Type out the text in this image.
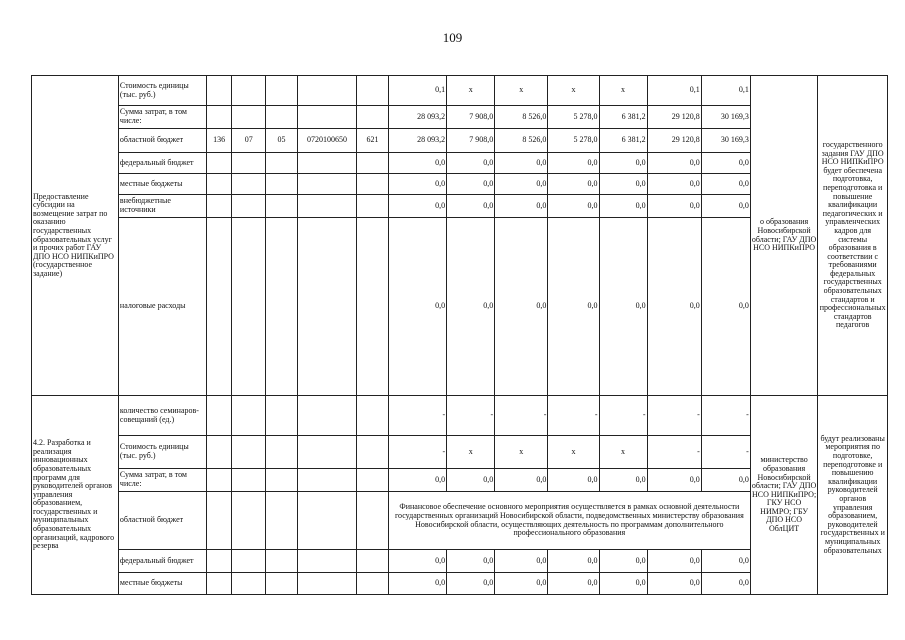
109
Предоставление субсидии на возмещение затрат по оказанию государственных образовательных услуг и прочих работ ГАУ ДПО НСО НИПКиПРО (государственное задание)	Стоимость единицы (тыс. руб.)						0,1	x	x	x	x	0,1	0,1	о образования Новосибирской области; ГАУ ДПО НСО НИПКиПРО	государственного задания ГАУ ДПО НСО НИПКиПРО будет обеспечена подготовка, переподготовка и повышение квалификации педагогических и управленческих кадров для системы образования в соответствии с требованиями федеральных государственных образовательных стандартов и профессиональных стандартов педагогов
	Сумма затрат, в том числе:						28 093,2	7 908,0	8 526,0	5 278,0	6 381,2	29 120,8	30 169,3		
	областной бюджет	136	07	05	0720100650	621	28 093,2	7 908,0	8 526,0	5 278,0	6 381,2	29 120,8	30 169,3		
	федеральный бюджет						0,0	0,0	0,0	0,0	0,0	0,0	0,0		
	местные бюджеты						0,0	0,0	0,0	0,0	0,0	0,0	0,0		
	внебюджетные источники						0,0	0,0	0,0	0,0	0,0	0,0	0,0		
	налоговые расходы						0,0	0,0	0,0	0,0	0,0	0,0	0,0		
4.2. Разработка и реализация инновационных образовательных программ для руководителей органов управления образованием, государственных и муниципальных образовательных организаций, кадрового резерва	количество семинаров-совещаний (ед.)						-	-	-	-	-	-	-	министерство образования Новосибирской области; ГАУ ДПО НСО НИПКиПРО; ГКУ НСО НИМРО; ГБУ ДПО НСО ОблЦИТ	будут реализованы мероприятия по подготовке, переподготовке и повышению квалификации руководителей органов управления образованием, руководителей государственных и муниципальных образовательных
	Стоимость единицы (тыс. руб.)						-	x	x	x	x	-	-		
	Сумма затрат, в том числе:						0,0	0,0	0,0	0,0	0,0	0,0	0,0		
	областной бюджет						Финансовое обеспечение основного мероприятия осуществляется в рамках основной деятельности государственных организаций Новосибирской области, подведомственных министерству образования Новосибирской области, осуществляющих деятельность по программам дополнительного профессионального образования								
	федеральный бюджет						0,0	0,0	0,0	0,0	0,0	0,0	0,0		
	местные бюджеты						0,0	0,0	0,0	0,0	0,0	0,0	0,0		
